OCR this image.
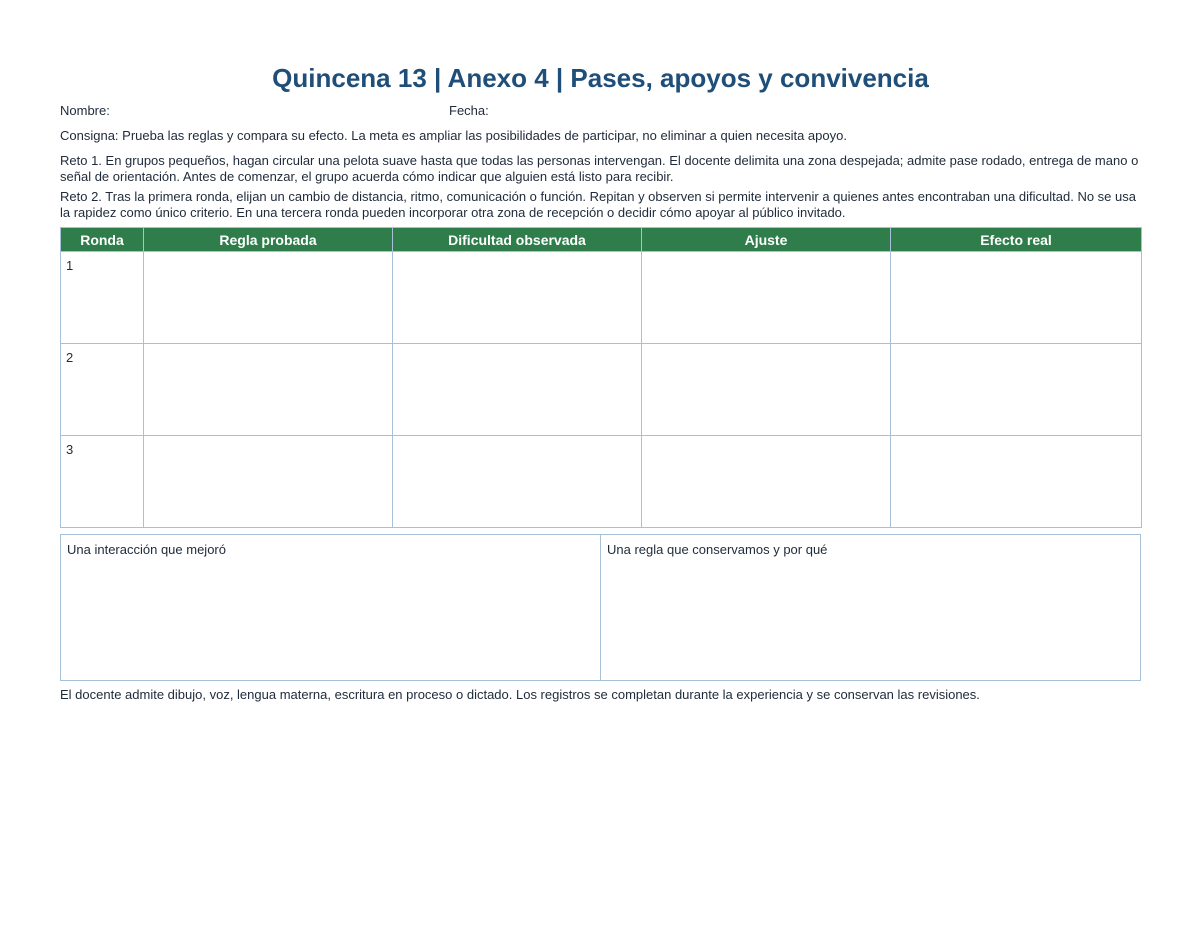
Quincena 13 | Anexo 4 | Pases, apoyos y convivencia
Nombre:	Fecha:

Consigna: Prueba las reglas y compara su efecto. La meta es ampliar las posibilidades de participar, no eliminar a quien necesita apoyo.

Reto 1. En grupos pequeños, hagan circular una pelota suave hasta que todas las personas intervengan. El docente delimita una zona despejada; admite pase rodado, entrega de mano o señal de orientación. Antes de comenzar, el grupo acuerda cómo indicar que alguien está listo para recibir.

Reto 2. Tras la primera ronda, elijan un cambio de distancia, ritmo, comunicación o función. Repitan y observen si permite intervenir a quienes antes encontraban una dificultad. No se usa la rapidez como único criterio. En una tercera ronda pueden incorporar otra zona de recepción o decidir cómo apoyar al público invitado.

Ronda	Regla probada	Dificultad observada	Ajuste	Efecto real
1				
2				
3				
Una interacción que mejoró	Una regla que conservamos y por qué

El docente admite dibujo, voz, lengua materna, escritura en proceso o dictado. Los registros se completan durante la experiencia y se conservan las revisiones.
